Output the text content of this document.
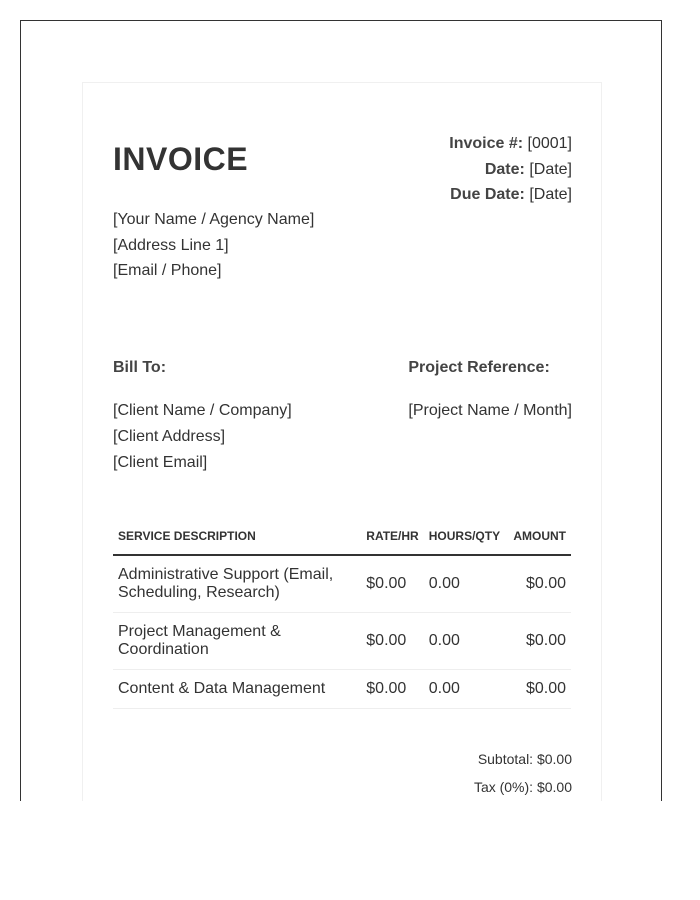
INVOICE	Invoice #: [0001]
Date: [Date]
Due Date: [Date]
[Your Name / Agency Name]
[Address Line 1]
[Email / Phone]
Bill To:
[Client Name / Company]
[Client Address]
[Client Email]
Project Reference:
[Project Name / Month]
SERVICE DESCRIPTION	RATE/HR	HOURS/QTY	AMOUNT
Administrative Support (Email, Scheduling, Research)	$0.00	0.00	$0.00
Project Management & Coordination	$0.00	0.00	$0.00
Content & Data Management	$0.00	0.00	$0.00
Subtotal: $0.00
Tax (0%): $0.00
